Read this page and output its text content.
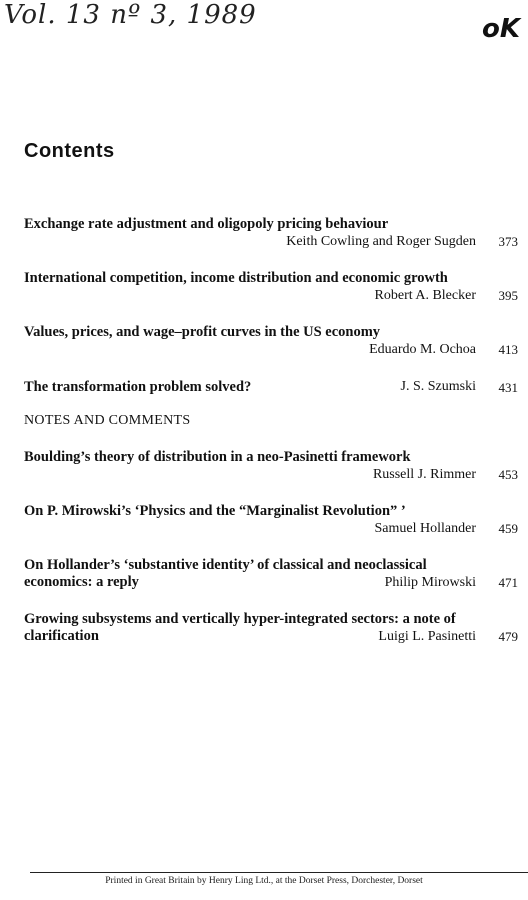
Vol. 13 nº 3, 1989	oK
Contents
Exchange rate adjustment and oligopoly pricing behaviour
Keith Cowling and Roger Sugden	373
International competition, income distribution and economic growth
Robert A. Blecker	395
Values, prices, and wage–profit curves in the US economy
Eduardo M. Ochoa	413
The transformation problem solved?	J. S. Szumski	431
NOTES AND COMMENTS
Boulding’s theory of distribution in a neo-Pasinetti framework
Russell J. Rimmer	453
On P. Mirowski’s ‘Physics and the “Marginalist Revolution” ’
Samuel Hollander	459
On Hollander’s ‘substantive identity’ of classical and neoclassical
economics: a reply	Philip Mirowski	471
Growing subsystems and vertically hyper-integrated sectors: a note of
clarification	Luigi L. Pasinetti	479
Printed in Great Britain by Henry Ling Ltd., at the Dorset Press, Dorchester, Dorset
